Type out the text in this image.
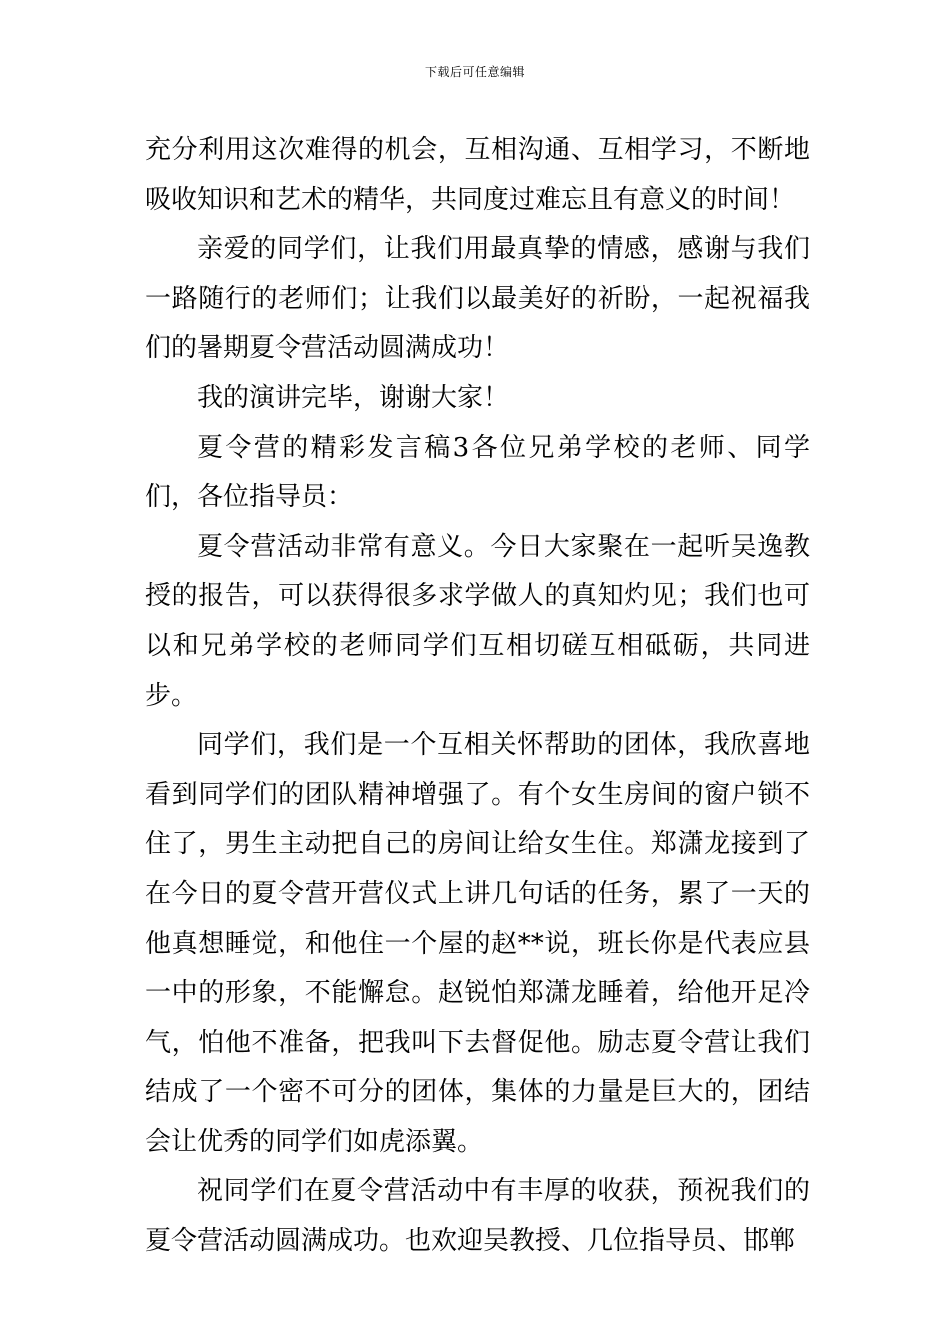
下载后可任意编辑

充分利用这次难得的机会，互相沟通、互相学习，不断地吸收知识和艺术的精华，共同度过难忘且有意义的时间！

亲爱的同学们，让我们用最真挚的情感，感谢与我们一路随行的老师们；让我们以最美好的祈盼，一起祝福我们的暑期夏令营活动圆满成功！

我的演讲完毕，谢谢大家！

夏令营的精彩发言稿3各位兄弟学校的老师、同学们，各位指导员：

夏令营活动非常有意义。今日大家聚在一起听吴逸教授的报告，可以获得很多求学做人的真知灼见；我们也可以和兄弟学校的老师同学们互相切磋互相砥砺，共同进步。

同学们，我们是一个互相关怀帮助的团体，我欣喜地看到同学们的团队精神增强了。有个女生房间的窗户锁不住了，男生主动把自己的房间让给女生住。郑潇龙接到了在今日的夏令营开营仪式上讲几句话的任务，累了一天的他真想睡觉，和他住一个屋的赵**说，班长你是代表应县一中的形象，不能懈怠。赵锐怕郑潇龙睡着，给他开足冷气，怕他不准备，把我叫下去督促他。励志夏令营让我们结成了一个密不可分的团体，集体的力量是巨大的，团结会让优秀的同学们如虎添翼。

祝同学们在夏令营活动中有丰厚的收获，预祝我们的夏令营活动圆满成功。也欢迎吴教授、几位指导员、邯郸
